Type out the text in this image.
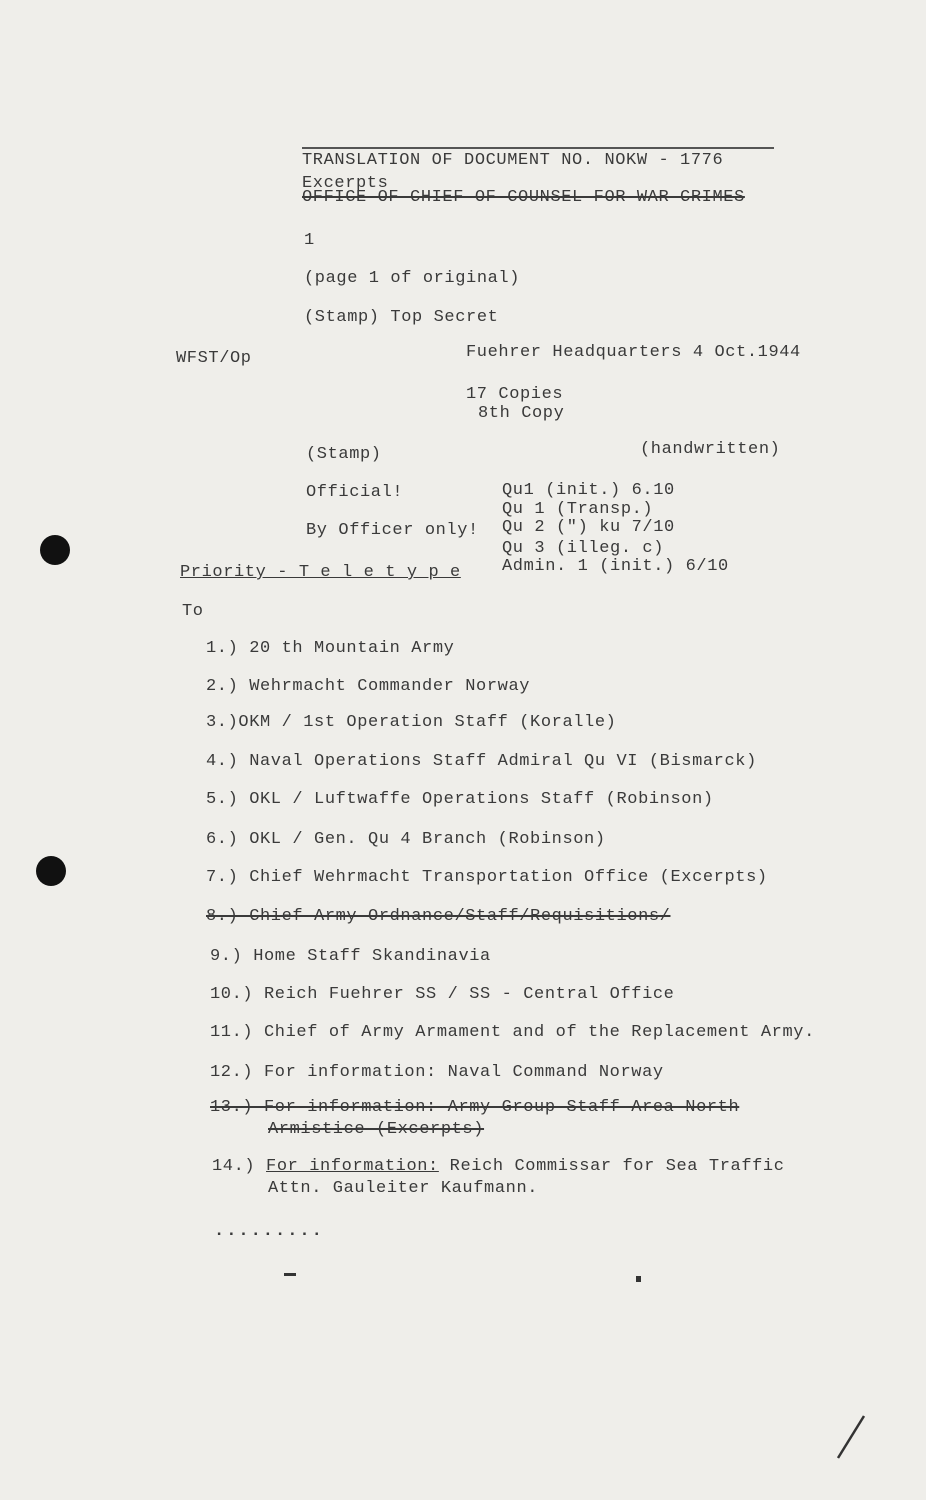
TRANSLATION OF DOCUMENT NO. NOKW - 1776
Excerpts
OFFICE OF CHIEF OF COUNSEL FOR WAR CRIMES
1
(page 1 of original)
(Stamp) Top Secret
WFST/Op	Fuehrer Headquarters 4 Oct.1944
17 Copies
8th Copy
(Stamp)	(handwritten)
Official!
By Officer only!
Qu1 (init.) 6.10
Qu 1 (Transp.)
Qu 2 (") ku 7/10
Qu 3 (illeg. c)
Admin. 1 (init.) 6/10
Priority - T e l e t y p e
To
1.) 20 th Mountain Army
2.) Wehrmacht Commander Norway
3.)OKM / 1st Operation Staff (Koralle)
4.) Naval Operations Staff Admiral Qu VI (Bismarck)
5.) OKL / Luftwaffe Operations Staff (Robinson)
6.) OKL / Gen. Qu 4 Branch (Robinson)
7.) Chief Wehrmacht Transportation Office (Excerpts)
8.) Chief Army Ordnance/Staff/Requisitions/
9.) Home Staff Skandinavia
10.) Reich Fuehrer SS / SS - Central Office
11.) Chief of Army Armament and of the Replacement Army.
12.) For information: Naval Command Norway
13.) For information: Army Group Staff Area North
Armistice (Excerpts)
14.) For information: Reich Commissar for Sea Traffic
Attn. Gauleiter Kaufmann.
.........
